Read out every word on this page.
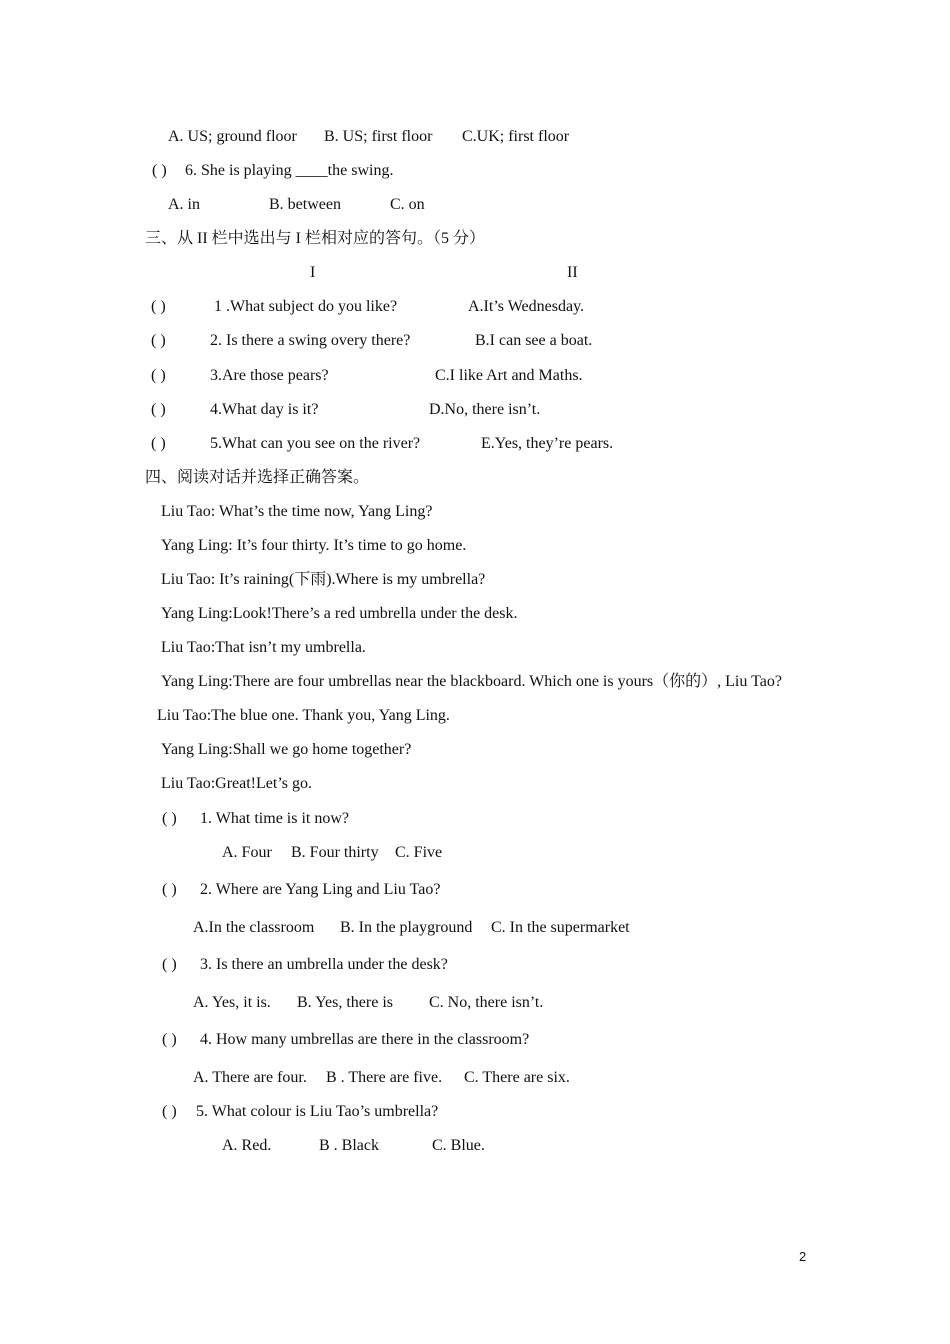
A. US; ground floor B. US; first floor C.UK; first floor
( ) 6. She is playing ____the swing.
A. in	B. between	C. on
三、从 II 栏中选出与 I 栏相对应的答句。（5 分）
I	II
( )	1 .What subject do you like?	A.It’s Wednesday.
( )	2. Is there a swing overy there?	B.I can see a boat.
( )	3.Are those pears?	C.I like Art and Maths.
( )	4.What day is it?	D.No, there isn’t.
( )	5.What can you see on the river?	E.Yes, they’re pears.
四、阅读对话并选择正确答案。
Liu Tao: What’s the time now, Yang Ling?
Yang Ling: It’s four thirty. It’s time to go home.
Liu Tao: It’s raining(下雨).Where is my umbrella?
Yang Ling:Look!There’s a red umbrella under the desk.
Liu Tao:That isn’t my umbrella.
Yang Ling:There are four umbrellas near the blackboard. Which one is yours（你的）, Liu Tao?
Liu Tao:The blue one. Thank you, Yang Ling.
Yang Ling:Shall we go home together?
Liu Tao:Great!Let’s go.
( ) 1. What time is it now?
A. Four B. Four thirty C. Five
( ) 2. Where are Yang Ling and Liu Tao?
A.In the classroom B. In the playground C. In the supermarket
( ) 3. Is there an umbrella under the desk?
A. Yes, it is. B. Yes, there is C. No, there isn’t.
( ) 4. How many umbrellas are there in the classroom?
A. There are four. B . There are five. C. There are six.
( ) 5. What colour is Liu Tao’s umbrella?
A. Red.	B . Black	C. Blue.
2
